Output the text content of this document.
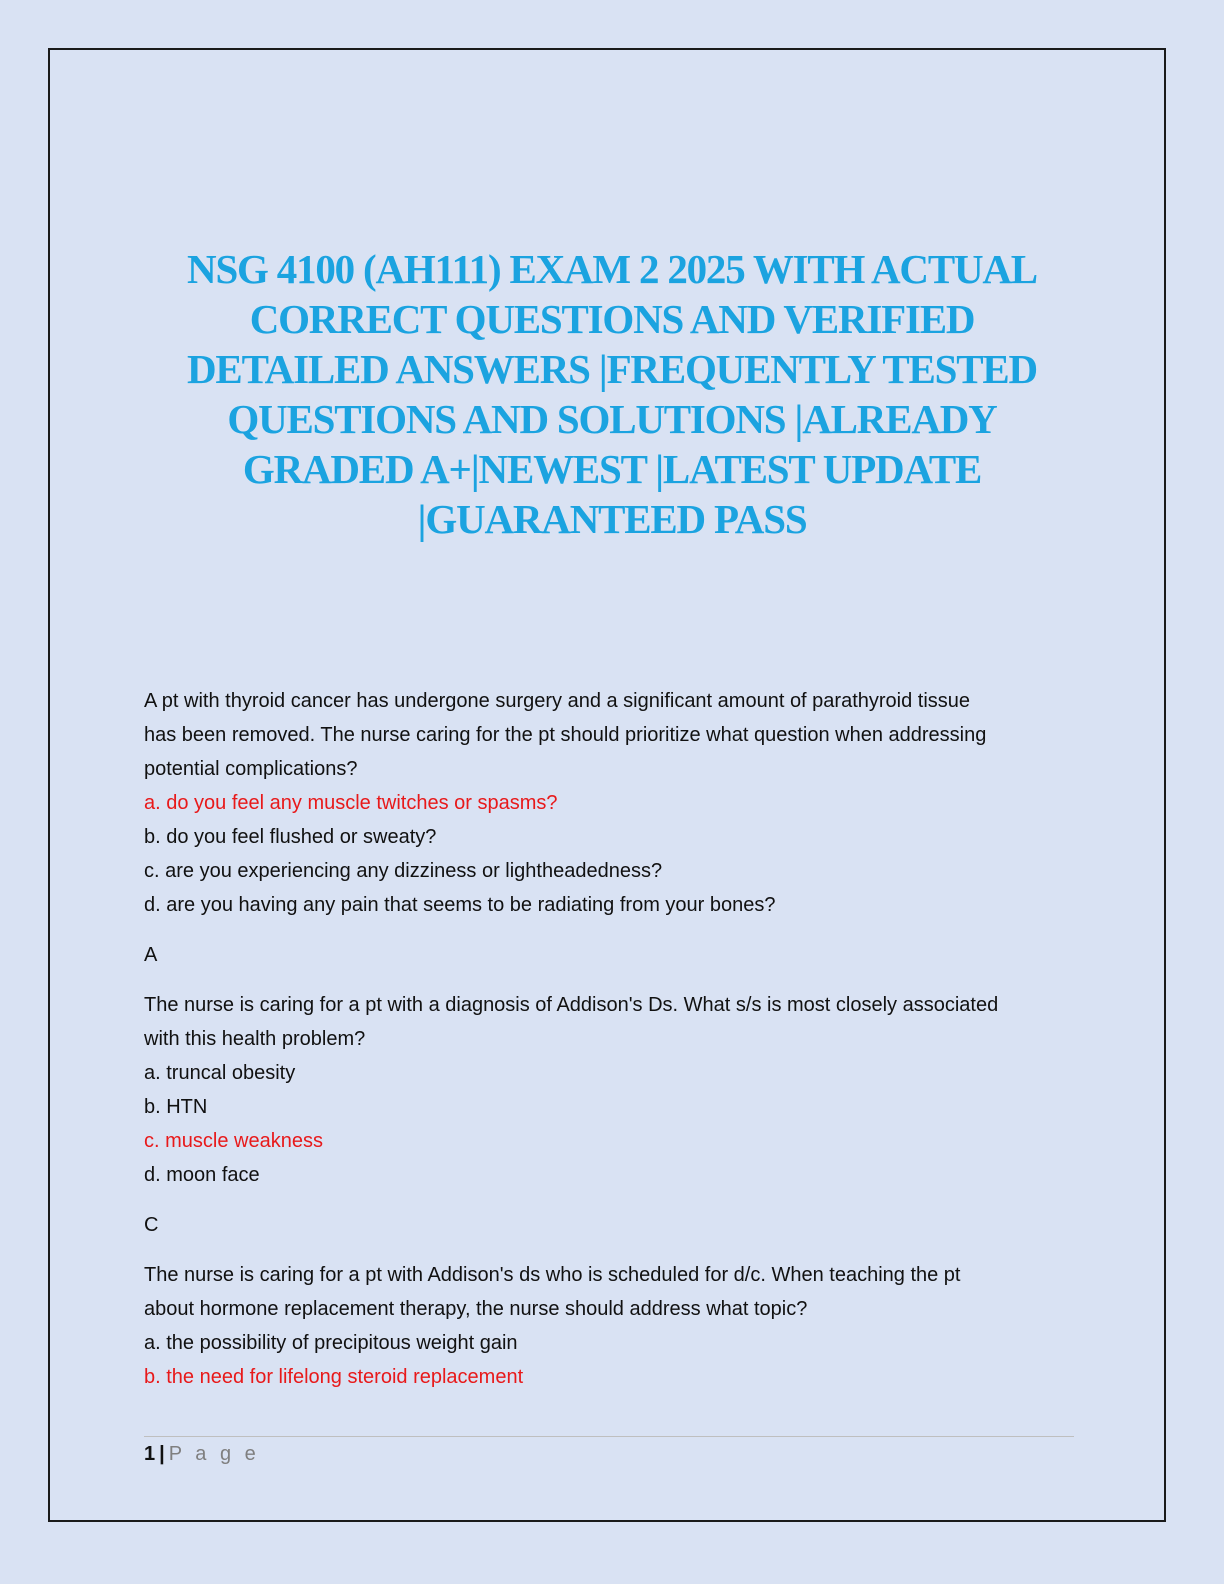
NSG 4100 (AH111) EXAM 2 2025 WITH ACTUAL
CORRECT QUESTIONS AND VERIFIED
DETAILED ANSWERS |FREQUENTLY TESTED
QUESTIONS AND SOLUTIONS |ALREADY
GRADED A+|NEWEST |LATEST UPDATE
|GUARANTEED PASS
A pt with thyroid cancer has undergone surgery and a significant amount of parathyroid tissue
has been removed. The nurse caring for the pt should prioritize what question when addressing
potential complications?
a. do you feel any muscle twitches or spasms?
b. do you feel flushed or sweaty?
c. are you experiencing any dizziness or lightheadedness?
d. are you having any pain that seems to be radiating from your bones?
A
The nurse is caring for a pt with a diagnosis of Addison's Ds. What s/s is most closely associated
with this health problem?
a. truncal obesity
b. HTN
c. muscle weakness
d. moon face
C
The nurse is caring for a pt with Addison's ds who is scheduled for d/c. When teaching the pt
about hormone replacement therapy, the nurse should address what topic?
a. the possibility of precipitous weight gain
b. the need for lifelong steroid replacement
1 | P a g e
